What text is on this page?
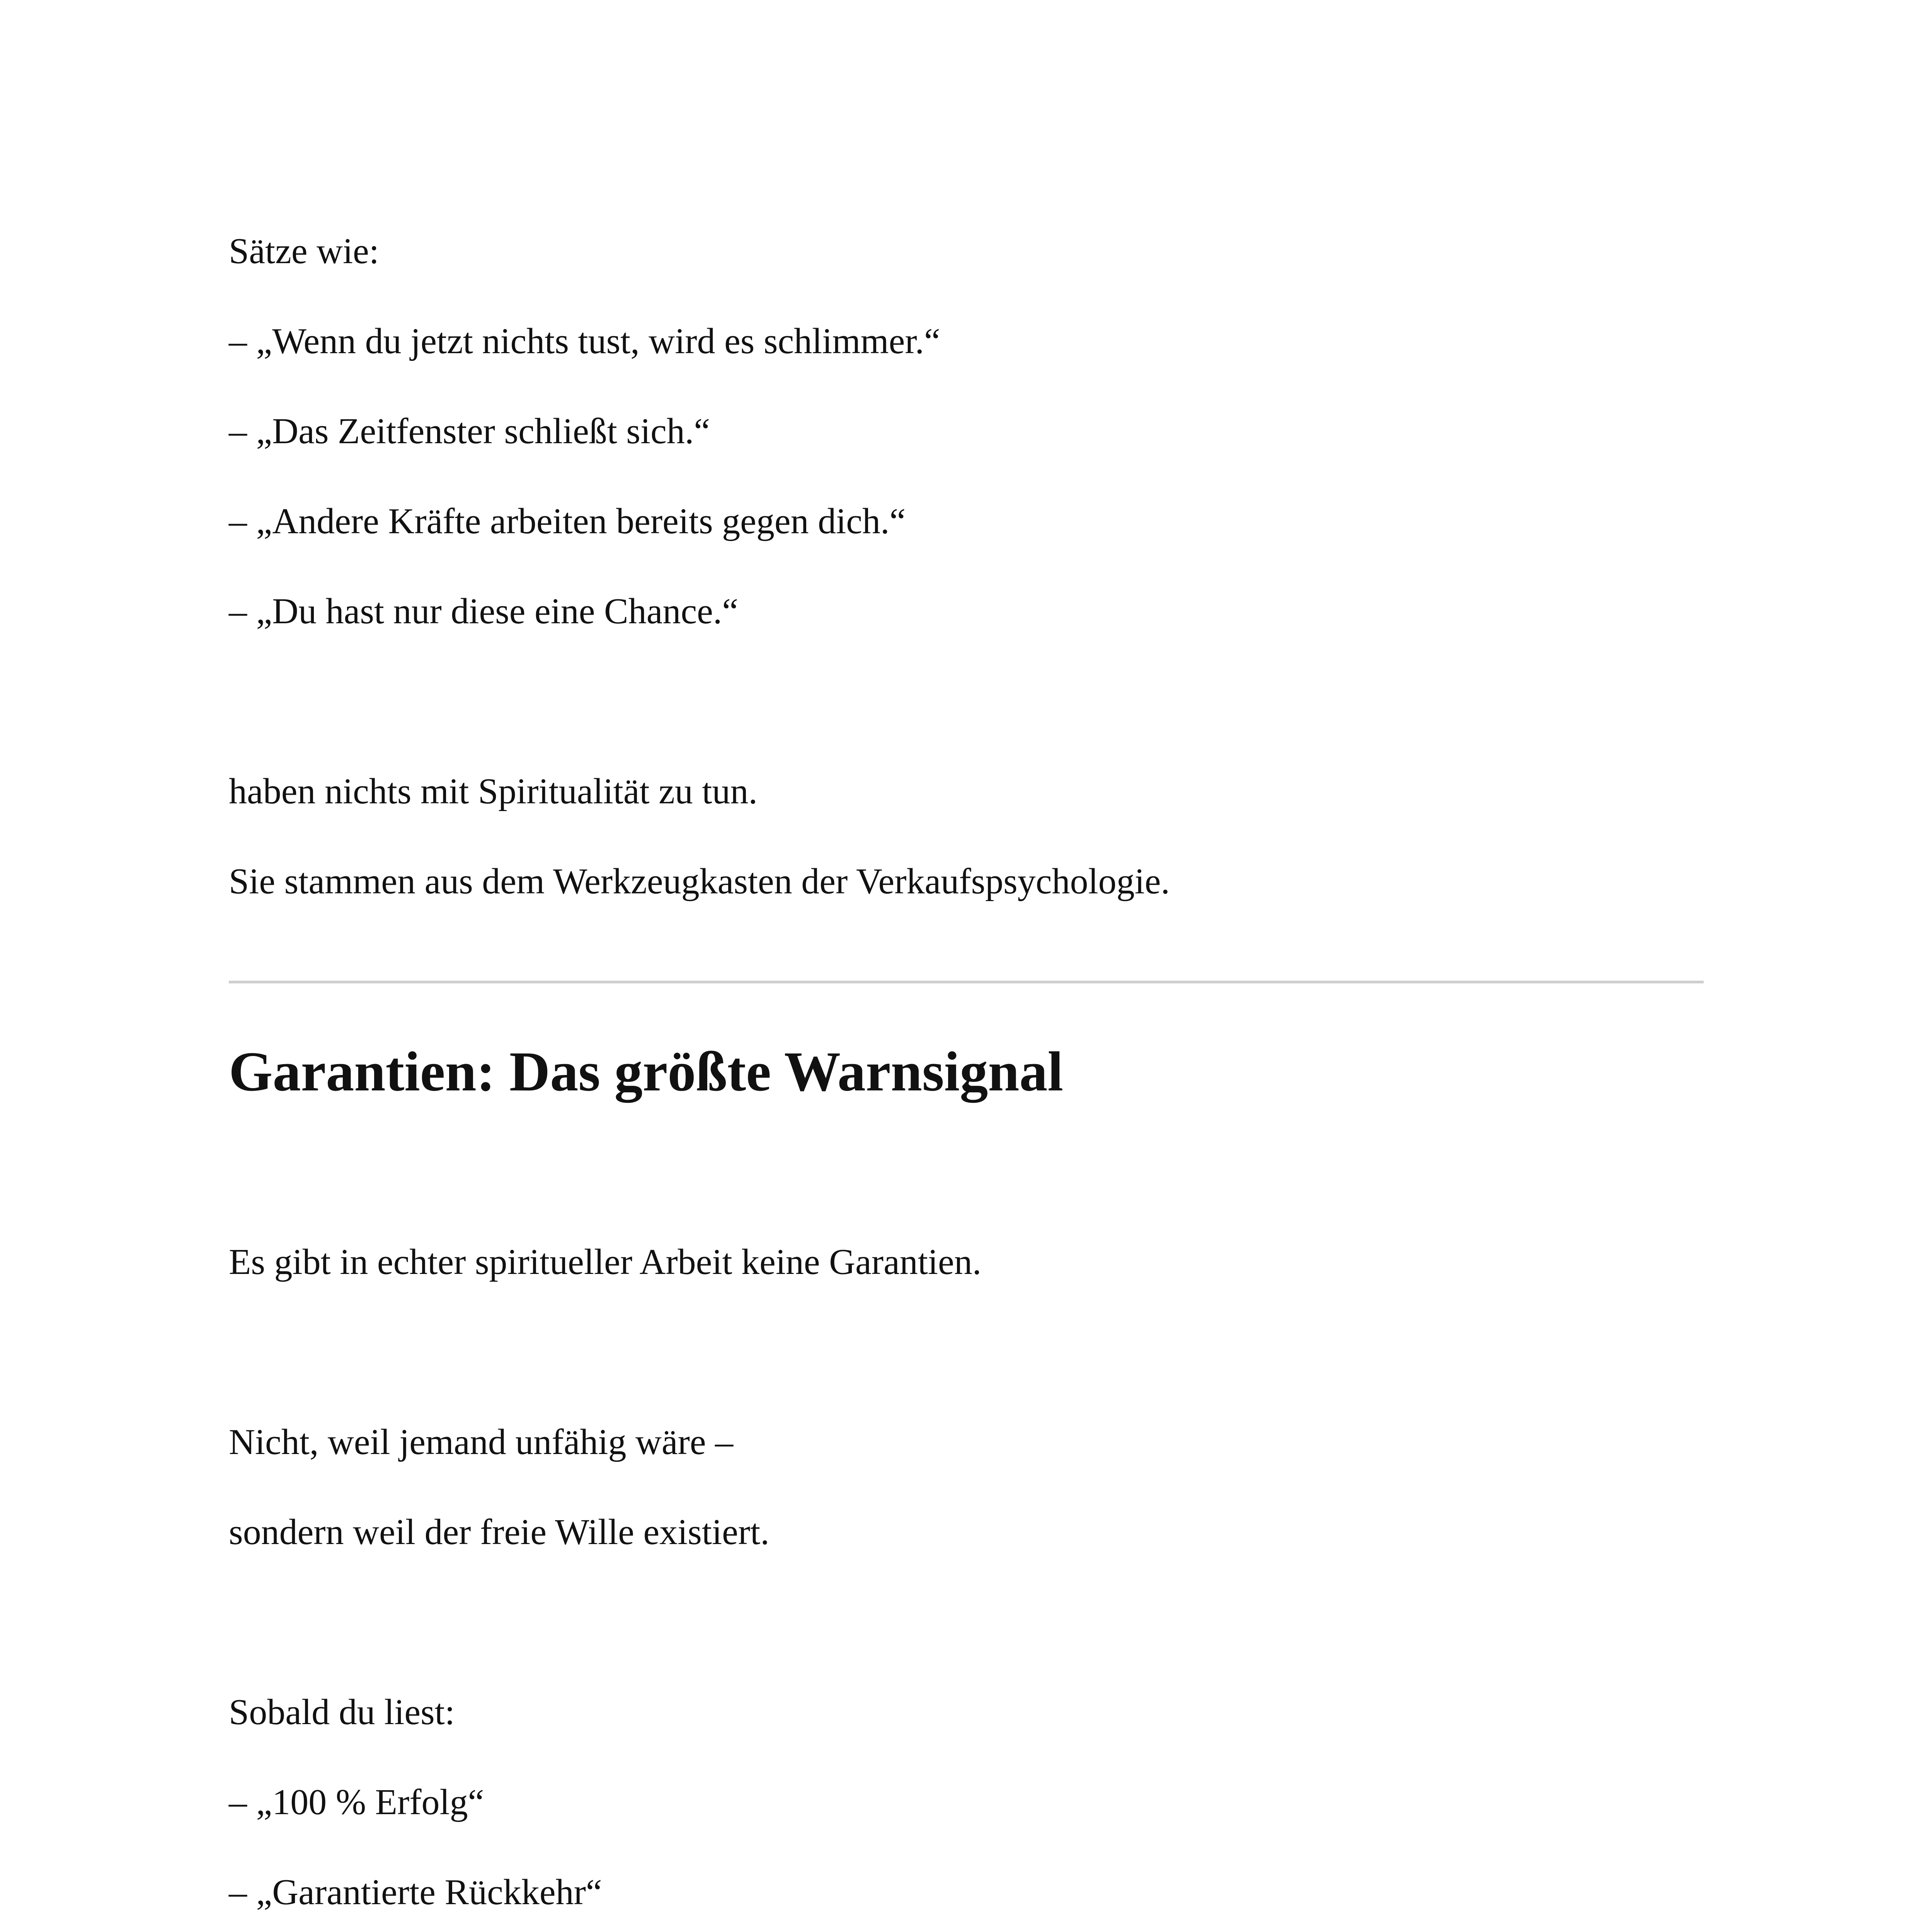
Sätze wie:
– „Wenn du jetzt nichts tust, wird es schlimmer.“
– „Das Zeitfenster schließt sich.“
– „Andere Kräfte arbeiten bereits gegen dich.“
– „Du hast nur diese eine Chance.“
haben nichts mit Spiritualität zu tun.
Sie stammen aus dem Werkzeugkasten der Verkaufspsychologie.
Garantien: Das größte Warnsignal
Es gibt in echter spiritueller Arbeit keine Garantien.
Nicht, weil jemand unfähig wäre –
sondern weil der freie Wille existiert.
Sobald du liest:
– „100 % Erfolg“
– „Garantierte Rückkehr“
